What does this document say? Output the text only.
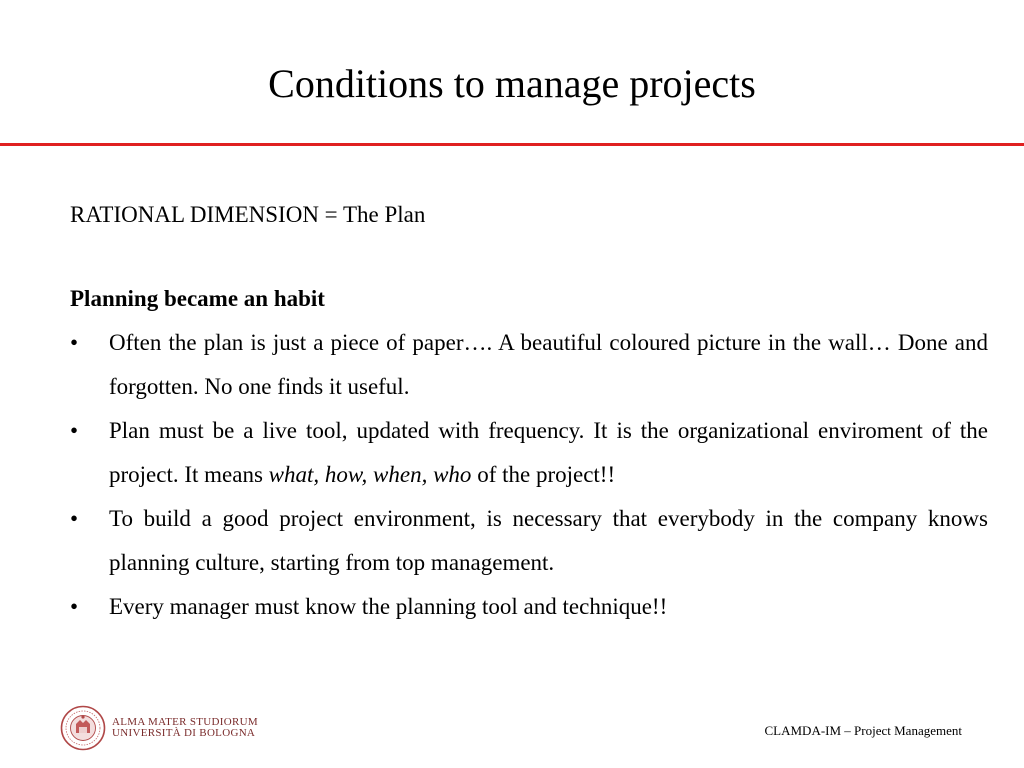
Conditions to manage projects

RATIONAL DIMENSION = The Plan

Planning became an habit

•	Often the plan is just a piece of paper…. A beautiful coloured picture in the wall… Done and forgotten. No one finds it useful.
•	Plan must be a live tool, updated with frequency. It is the organizational enviroment of the project. It means what, how, when, who of the project!!
•	To build a good project environment, is necessary that everybody in the company knows planning culture, starting from top management.
•	Every manager must know the planning tool and technique!!
ALMA MATER STUDIORUM
UNIVERSITÀ DI BOLOGNA	CLAMDA-IM – Project Management
